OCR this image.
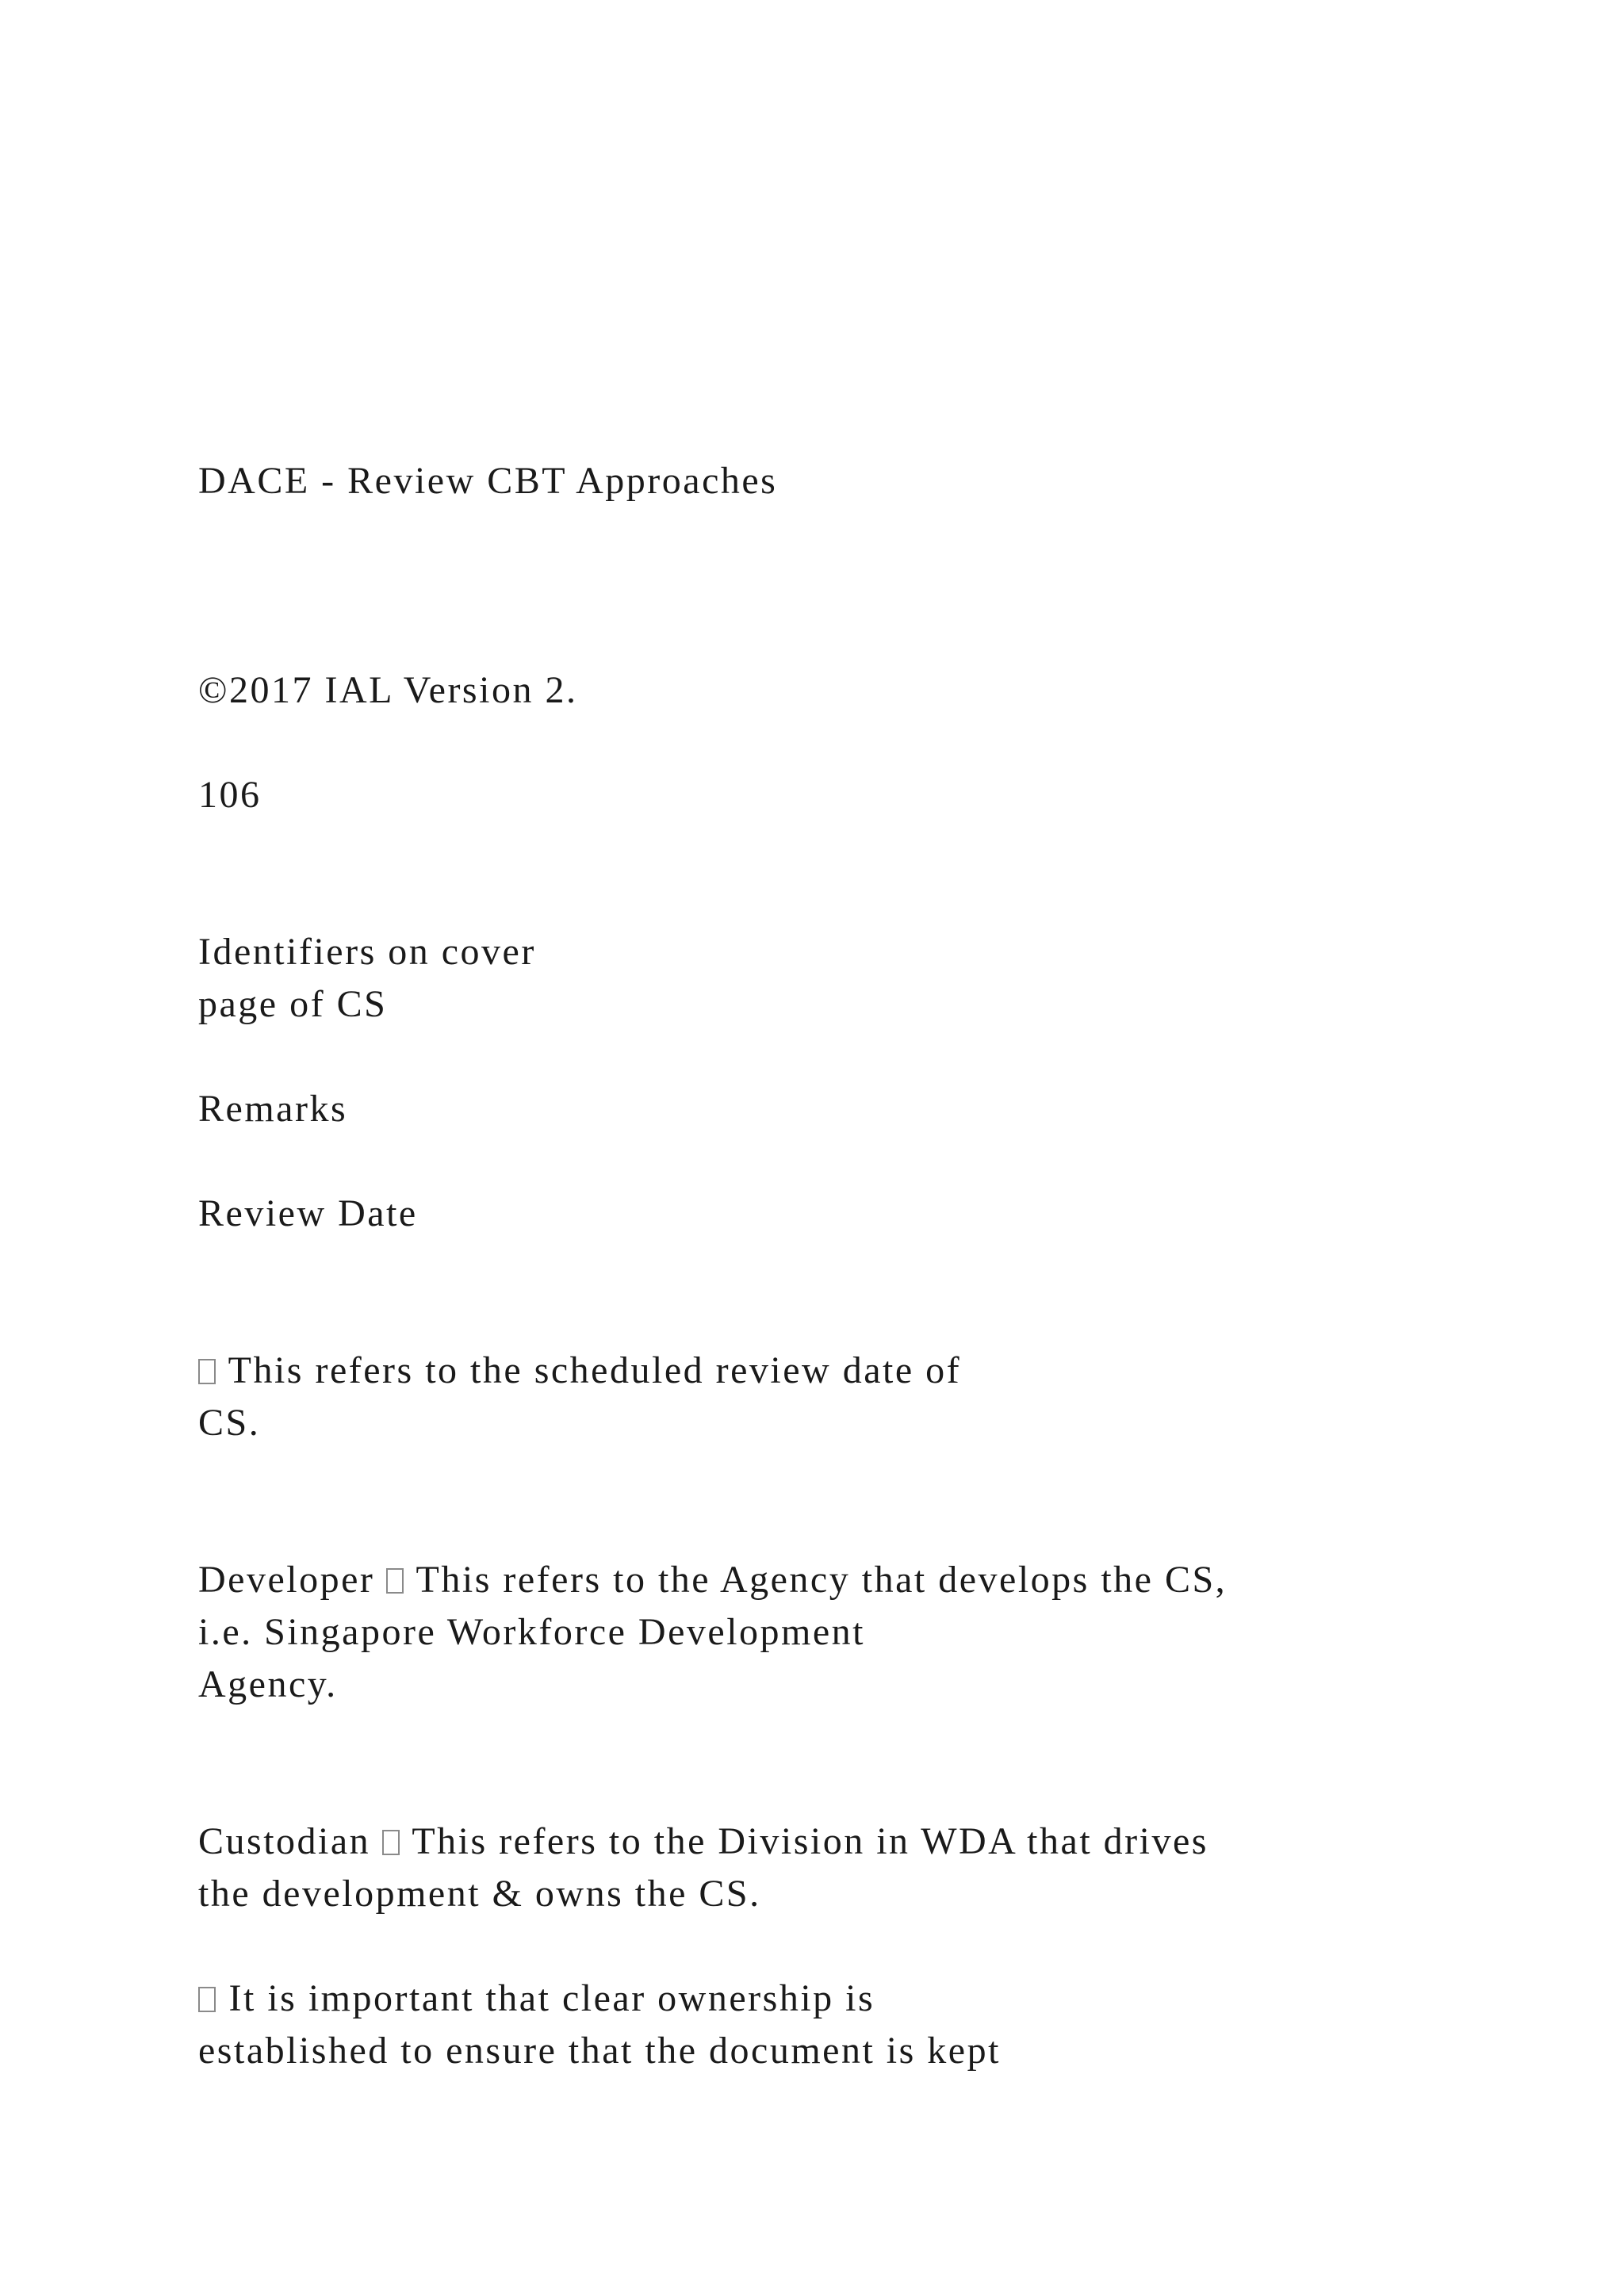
DACE - Review CBT Approaches

©2017 IAL Version 2.

106

Identifiers on cover

page of CS

Remarks

Review Date

This refers to the scheduled review date of

CS.

Developer This refers to the Agency that develops the CS,

i.e. Singapore Workforce Development

Agency.

Custodian This refers to the Division in WDA that drives

the development & owns the CS.

It is important that clear ownership is

established to ensure that the document is kept
